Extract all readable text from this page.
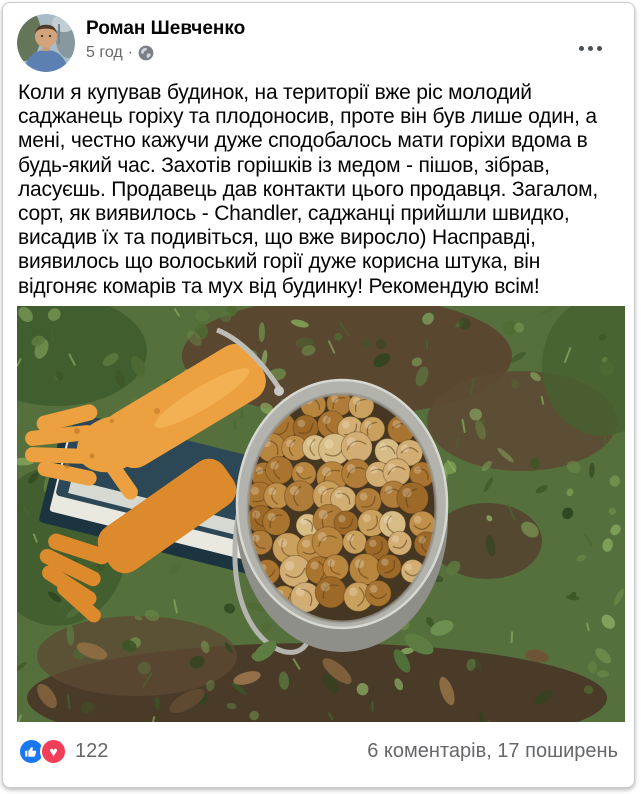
Роман Шевченко
5 год ·
Коли я купував будинок, на території вже ріс молодий саджанець горіху та плодоносив, проте він був лише один, а мені, честно кажучи дуже сподобалось мати горіхи вдома в будь-який час. Захотів горішків із медом - пішов, зібрав, ласуєшь. Продавець дав контакти цього продавця. Загалом, сорт, як виявилось - Chandler, саджанці прийшли швидко, висадив їх та подивіться, що вже виросло) Насправді, виявилось що волоський горії дуже корисна штука, він відгоняє комарів та мух від будинку! Рекомендую всім!
♥ 122	6 коментарів, 17 поширень
